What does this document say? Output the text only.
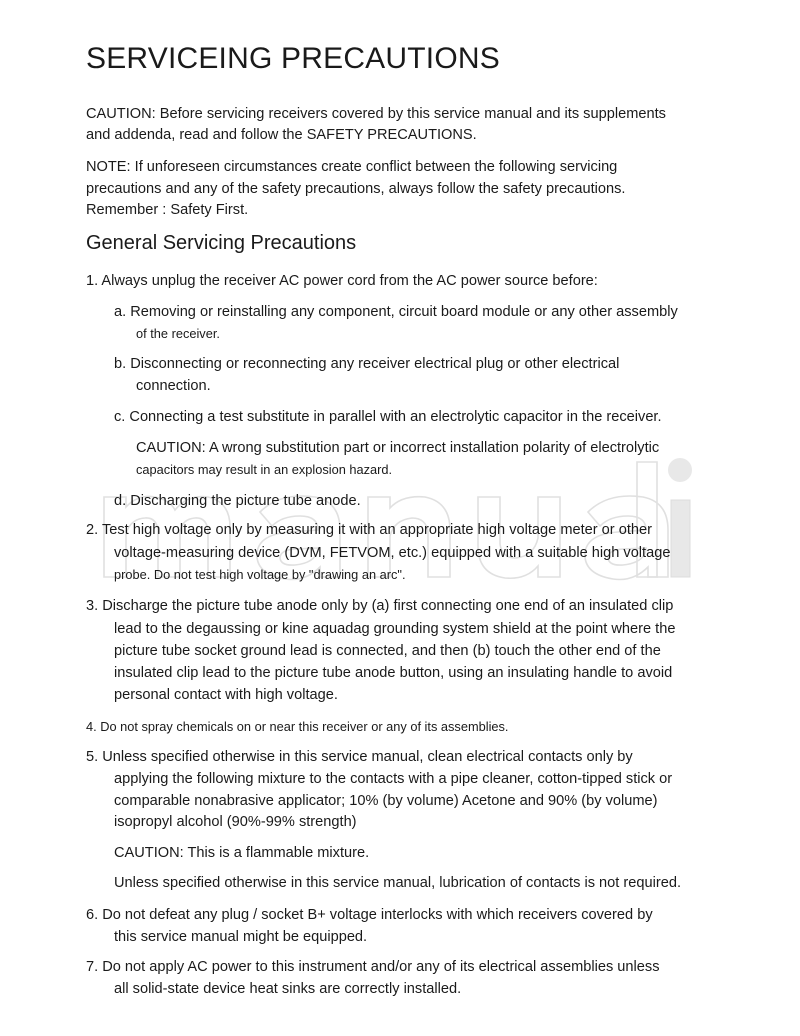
SERVICEING PRECAUTIONS

CAUTION: Before servicing receivers covered by this service manual and its supplements

and addenda, read and follow the SAFETY PRECAUTIONS.

NOTE: If unforeseen circumstances create conflict between the following servicing

precautions and any of the safety precautions, always follow the safety precautions.

Remember : Safety First.

General Servicing Precautions

1. Always unplug the receiver AC power cord from the AC power source before:

a. Removing or reinstalling any component, circuit board module or any other assembly

of the receiver.

b. Disconnecting or reconnecting any receiver electrical plug or other electrical

connection.

c. Connecting a test substitute in parallel with an electrolytic capacitor in the receiver.

CAUTION: A wrong substitution part or incorrect installation polarity of electrolytic

capacitors may result in an explosion hazard.

d. Discharging the picture tube anode.

2. Test high voltage only by measuring it with an appropriate high voltage meter or other

voltage-measuring device (DVM, FETVOM, etc.) equipped with a suitable high voltage

probe. Do not test high voltage by "drawing an arc".

3. Discharge the picture tube anode only by (a) first connecting one end of an insulated clip

lead to the degaussing or kine aquadag grounding system shield at the point where the

picture tube socket ground lead is connected, and then (b) touch the other end of the

insulated clip lead to the picture tube anode button, using an insulating handle to avoid

personal contact with high voltage.

4. Do not spray chemicals on or near this receiver or any of its assemblies.

5. Unless specified otherwise in this service manual, clean electrical contacts only by

applying the following mixture to the contacts with a pipe cleaner, cotton-tipped stick or

comparable nonabrasive applicator; 10% (by volume) Acetone and 90% (by volume)

isopropyl alcohol (90%-99% strength)

CAUTION: This is a flammable mixture.

Unless specified otherwise in this service manual, lubrication of contacts is not required.

6. Do not defeat any plug / socket B+ voltage interlocks with which receivers covered by

this service manual might be equipped.

7. Do not apply AC power to this instrument and/or any of its electrical assemblies unless

all solid-state device heat sinks are correctly installed.
